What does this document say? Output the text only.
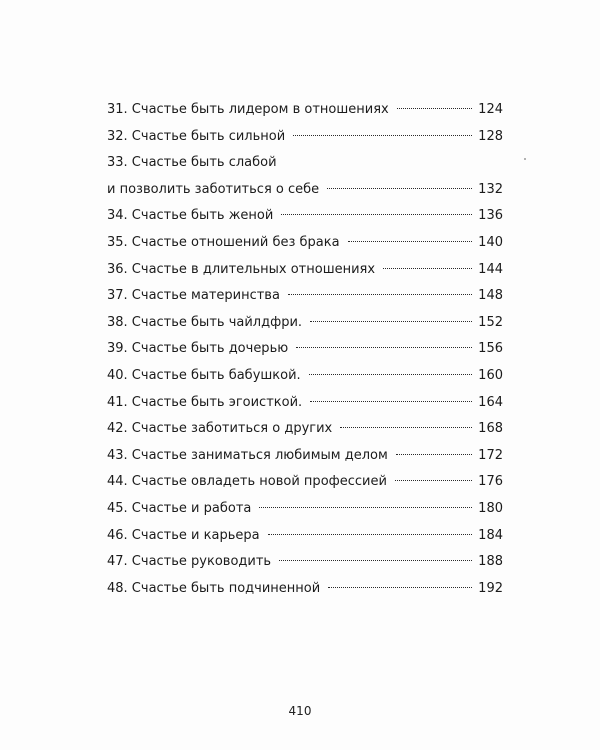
31. Счастье быть лидером в отношениях	124
32. Счастье быть сильной	128
33. Счастье быть слабой
и позволить заботиться о себе	132
34. Счастье быть женой	136
35. Счастье отношений без брака	140
36. Счастье в длительных отношениях	144
37. Счастье материнства	148
38. Счастье быть чайлдфри.	152
39. Счастье быть дочерью	156
40. Счастье быть бабушкой.	160
41. Счастье быть эгоисткой.	164
42. Счастье заботиться о других	168
43. Счастье заниматься любимым делом	172
44. Счастье овладеть новой профессией	176
45. Счастье и работа	180
46. Счастье и карьера	184
47. Счастье руководить	188
48. Счастье быть подчиненной	192
410
